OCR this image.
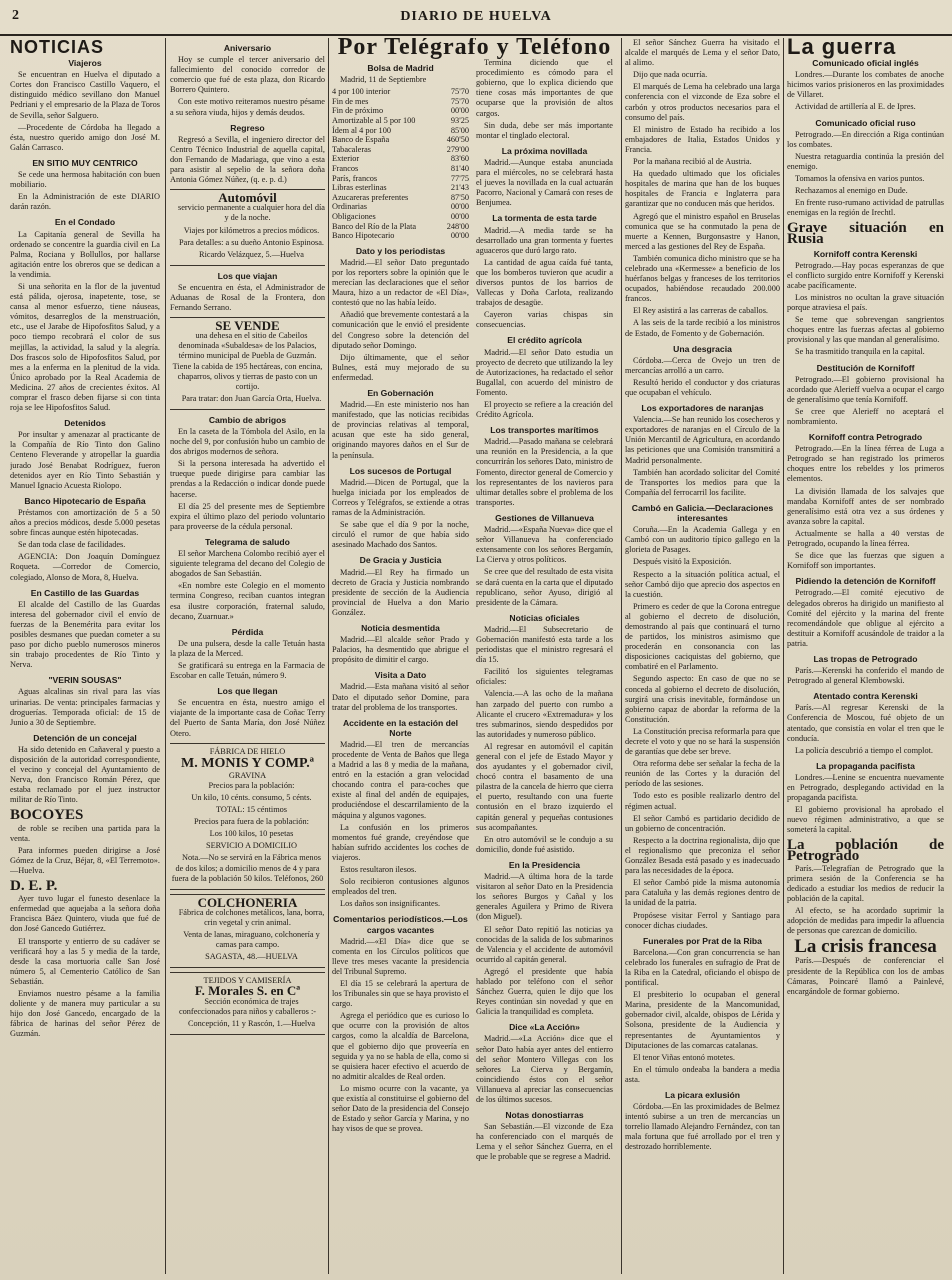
2	DIARIO DE HUELVA
NOTICIAS
Viajeros

Se encuentran en Huelva el diputado a Cortes don Francisco Castillo Vaquero, el distinguido médico sevillano don Manuel Pedriani y el empresario de la Plaza de Toros de Sevilla, señor Salguero.

—Procedente de Córdoba ha llegado a ésta, nuestro querido amigo don José M. Galán Carrasco.

EN SITIO MUY CENTRICO

Se cede una hermosa habitación con buen mobiliario.

En la Administración de este DIARIO darán razón.

En el Condado

La Capitanía general de Sevilla ha ordenado se concentre la guardia civil en La Palma, Rociana y Bollullos, por hallarse agitación entre los obreros que se dedican a la vendimia.

Si una señorita en la flor de la juventud está pálida, ojerosa, inapetente, tose, se cansa al menor esfuerzo, tiene náuseas, vómitos, desarreglos de la menstruación, etc., use el Jarabe de Hipofosfitos Salud, y a poco tiempo recobrará el color de sus mejillas, la actividad, la salud y la alegría. Dos frascos solo de Hipofosfitos Salud, por mes a la enferma en la plenitud de la vida. Único aprobado por la Real Academia de Medicina. 27 años de crecientes éxitos. Al comprar el frasco deben fijarse si con tinta roja se lee Hipofosfitos Salud.

Detenidos

Por insultar y amenazar al practicante de la Compañía de Río Tinto don Galino Centeno Fleverande y atropellar la guardia jurado José Benabat Rodríguez, fueron detenidos ayer en Río Tinto Sebastián y Manuel Ignacio Acuesta Riolopo.

Banco Hipotecario de España

Préstamos con amortización de 5 a 50 años a precios módicos, desde 5.000 pesetas sobre fincas aunque estén hipotecadas.

Se dan toda clase de facilidades.

AGENCIA: Don Joaquín Domínguez Roqueta. —Corredor de Comercio, colegiado, Alonso de Mora, 8, Huelva.

En Castillo de las Guardas

El alcalde del Castillo de las Guardas interesa del gobernador civil el envío de fuerzas de la Benemérita para evitar los posibles desmanes que puedan cometer a su paso por dicho pueblo numerosos mineros sin trabajo procedentes de Río Tinto y Nerva.

"VERIN SOUSAS"

Aguas alcalinas sin rival para las vías urinarias. De venta: principales farmacias y droguerías. Temporada oficial: de 15 de Junio a 30 de Septiembre.

Detención de un concejal

Ha sido detenido en Cañaveral y puesto a disposición de la autoridad correspondiente, el vecino y concejal del Ayuntamiento de Nerva, don Francisco Román Pérez, que estaba reclamado por el juez instructor militar de Río Tinto.

BOCOYES

de roble se reciben una partida para la venta.

Para informes pueden dirigirse a José Gómez de la Cruz, Béjar, 8, «El Terremoto».—Huelva.

D. E. P.

Ayer tuvo lugar el funesto desenlace la enfermedad que aquejaba a la señora doña Francisca Báez Quintero, viuda que fué de don José Gancedo Gutiérrez.

El transporte y entierro de su cadáver se verificará hoy a las 5 y media de la tarde, desde la casa mortuoria calle San José número 5, al Cementerio Católico de San Sebastián.

Enviamos nuestro pésame a la familia doliente y de manera muy particular a su hijo don José Gancedo, encargado de la fábrica de harinas del señor Pérez de Guzmán.

Aniversario

Hoy se cumple el tercer aniversario del fallecimiento del conocido corredor de comercio que fué de esta plaza, don Ricardo Borrero Quintero.

Con este motivo reiteramos nuestro pésame a su señora viuda, hijos y demás deudos.

Regreso

Regresó a Sevilla, el ingeniero director del Centro Técnico Industrial de aquella capital, don Fernando de Madariaga, que vino a esta para asistir al sepelio de la señora doña Antonia Gómez Núñez, (q. e. p. d.)

Automóvil

servicio permanente a cualquier hora del día y de la noche.

Viajes por kilómetros a precios módicos.

Para detalles: a su dueño Antonio Espinosa.

Ricardo Velázquez, 5.—Huelva

Los que viajan

Se encuentra en ésta, el Administrador de Aduanas de Rosal de la Frontera, don Fernando Serrano.

SE VENDE

una dehesa en el sitio de Cabeilos denominada «Subaldesa» de los Palacios, término municipal de Puebla de Guzmán. Tiene la cabida de 195 hectáreas, con encina, chaparros, olivos y tierras de pasto con un cortijo.

Para tratar: don Juan García Orta, Huelva.

Cambio de abrigos

En la caseta de la Tómbola del Asilo, en la noche del 9, por confusión hubo un cambio de dos abrigos modernos de señora.

Si la persona interesada ha advertido el trueque puede dirigirse para cambiar las prendas a la Redacción o indicar donde puede hacerse.

El día 25 del presente mes de Septiembre expira el último plazo del periodo voluntario para proveerse de la cédula personal.

Telegrama de saludo

El señor Marchena Colombo recibió ayer el siguiente telegrama del decano del Colegio de abogados de San Sebastián.

«En nombre este Colegio en el momento termina Congreso, reciban cuantos integran esa ilustre corporación, fraternal saludo, decano, Zuarnuar.»

Pérdida

De una pulsera, desde la calle Tetuán hasta la plaza de la Merced.

Se gratificará su entrega en la Farmacia de Escobar en calle Tetuán, número 9.

Los que llegan

Se encuentra en ésta, nuestro amigo el viajante de la importante casa de Coñac Terry del Puerto de Santa María, don José Núñez Otero.

FÁBRICA DE HIELO
M. MONIS Y COMP.ª
GRAVINA

Precios para la población:

Un kilo, 10 cénts. consumo, 5 cénts.

TOTAL: 15 céntimos

Precios para fuera de la población:

Los 100 kilos, 10 pesetas

SERVICIO A DOMICILIO

Nota.—No se servirá en la Fábrica menos de dos kilos; a domicilio menos de 4 y para fuera de la población 50 kilos. Teléfonos, 260

COLCHONERIA

Fábrica de colchones metálicos, lana, borra, crin vegetal y crin animal.

Venta de lanas, miraguano, colchonería y camas para campo.

SAGASTA, 48.—HUELVA

TEJIDOS Y CAMISERÍA
F. Morales S. en Cª

Sección económica de trajes confeccionados para niños y caballeros :-

Concepción, 11 y Rascón, 1.—Huelva

Por Telégrafo y Teléfono
Bolsa de Madrid

Madrid, 11 de Septiembre

4 por 100 interior	75'70
Fin de mes	75'70
Fin de próximo	00'00
Amortizable al 5 por 100	93'25
Ídem al 4 por 100	85'00
Banco de España	460'50
Tabacaleras	279'00
Exterior	83'60
Francos	81'40
París, francos	77'75
Libras esterlinas	21'43
Azucareras preferentes	87'50
Ordinarias	00'00
Obligaciones	00'00
Banco del Río de la Plata	248'00
Banco Hipotecario	00'00
Dato y los periodistas

Madrid.—El señor Dato preguntado por los reporters sobre la opinión que le merecían las declaraciones que el señor Maura, hizo a un redactor de «El Día», contestó que no las había leído.

Añadió que brevemente contestará a la comunicación que le envió el presidente del Congreso sobre la detención del diputado señor Domingo.

Dijo últimamente, que el señor Bulnes, está muy mejorado de su enfermedad.

En Gobernación

Madrid.—En este ministerio nos han manifestado, que las noticias recibidas de provincias relativas al temporal, acusan que este ha sido general, originando mayores daños en el Sur de la península.

Los sucesos de Portugal

Madrid.—Dicen de Portugal, que la huelga iniciada por los empleados de Correos y Telégrafos, se extiende a otras ramas de la Administración.

Se sabe que el día 9 por la noche, circuló el rumor de que había sido asesinado Machado dos Santos.

De Gracia y Justicia

Madrid.—El Rey ha firmado un decreto de Gracia y Justicia nombrando presidente de sección de la Audiencia provincial de Huelva a don Mario González.

Noticia desmentida

Madrid.—El alcalde señor Prado y Palacios, ha desmentido que abrigue el propósito de dimitir el cargo.

Visita a Dato

Madrid.—Esta mañana visitó al señor Dato el diputado señor Domine, para tratar del problema de los transportes.

Accidente en la estación del Norte

Madrid.—El tren de mercancías procedente de Venta de Baños que llega a Madrid a las 8 y media de la mañana, entró en la estación a gran velocidad chocando contra el para-coches que existe al final del andén de equipajes, produciéndose el descarrilamiento de la máquina y algunos vagones.

La confusión en los primeros momentos fué grande, creyéndose que habían sufrido accidentes los coches de viajeros.

Estos resultaron ilesos.

Solo recibieron contusiones algunos empleados del tren.

Los daños son insignificantes.

Comentarios periodísticos.—Los cargos vacantes

Madrid.—«El Día» dice que se comenta en los Círculos políticos que lleve tres meses vacante la presidencia del Tribunal Supremo.

El día 15 se celebrará la apertura de los Tribunales sin que se haya provisto el cargo.

Agrega el periódico que es curioso lo que ocurre con la provisión de altos cargos, como la alcaldía de Barcelona, que el gobierno dijo que proveería en seguida y ya no se habla de ella, como si se quisiera hacer efectivo el acuerdo de no admitir alcaldes de Real orden.

Lo mismo ocurre con la vacante, ya que existía al constituirse el gobierno del señor Dato de la presidencia del Consejo de Estado y señor García y Marina, y no hay visos de que se provea.

Termina diciendo que el procedimiento es cómodo para el gobierno, que lo explica diciendo que tiene cosas más importantes de que ocuparse que la provisión de altos cargos.

Sin duda, debe ser más importante montar el tinglado electoral.

La próxima novillada

Madrid.—Aunque estaba anunciada para el miércoles, no se celebrará hasta el jueves la novillada en la cual actuarán Pacorro, Nacional y Camará con reses de Benjumea.

La tormenta de esta tarde

Madrid.—A media tarde se ha desarrollado una gran tormenta y fuertes aguaceros que duró largo rato.

La cantidad de agua caída fué tanta, que los bomberos tuvieron que acudir a diversos puntos de los barrios de Vallecas y Doña Carlota, realizando trabajos de desagüe.

Cayeron varias chispas sin consecuencias.

El crédito agrícola

Madrid.—El señor Dato estudia un proyecto de decreto que utilizando la ley de Autorizaciones, ha redactado el señor Bugallal, con acuerdo del ministro de Fomento.

El proyecto se refiere a la creación del Crédito Agrícola.

Los transportes marítimos

Madrid.—Pasado mañana se celebrará una reunión en la Presidencia, a la que concurrirán los señores Dato, ministro de Fomento, director general de Comercio y los representantes de los navieros para ultimar detalles sobre el problema de los transportes.

Gestiones de Villanueva

Madrid.—«España Nueva» dice que el señor Villanueva ha conferenciado extensamente con los señores Bergamín, La Cierva y otros políticos.

Se cree que del resultado de esta visita se dará cuenta en la carta que el diputado republicano, señor Ayuso, dirigió al presidente de la Cámara.

Noticias oficiales

Madrid.—El Subsecretario de Gobernación manifestó esta tarde a los periodistas que el ministro regresará el día 15.

Facilitó los siguientes telegramas oficiales:

Valencia.—A las ocho de la mañana han zarpado del puerto con rumbo a Alicante el crucero «Extremadura» y los tres submarinos, siendo despedidos por las autoridades y numeroso público.

Al regresar en automóvil el capitán general con el jefe de Estado Mayor y dos ayudantes y el gobernador civil, chocó contra el basamento de una pilastra de la cancela de hierro que cierra el puerto, resultando con una fuerte contusión en el brazo izquierdo el capitán general y pequeñas contusiones sus acompañantes.

En otro automóvil se le condujo a su domicilio, donde fué asistido.

En la Presidencia

Madrid.—A última hora de la tarde visitaron al señor Dato en la Presidencia los señores Burgos y Cañal y los generales Aguilera y Primo de Rivera (don Miguel).

El señor Dato repitió las noticias ya conocidas de la salida de los submarinos de Valencia y el accidente de automóvil ocurrido al capitán general.

Agregó el presidente que había hablado por teléfono con el señor Sánchez Guerra, quien le dijo que los Reyes continúan sin novedad y que en Galicia la tranquilidad es completa.

Dice «La Acción»

Madrid.—«La Acción» dice que el señor Dato había ayer antes del entierro del señor Montero Villegas con los señores La Cierva y Bergamín, coincidiendo éstos con el señor Villanueva al apreciar las consecuencias de los últimos sucesos.

Notas donostiarras

San Sebastián.—El vizconde de Eza ha conferenciado con el marqués de Lema y el señor Sánchez Guerra, en el que le probable que se regrese a Madrid.

El señor Sánchez Guerra ha visitado el alcalde el marqués de Lema y el señor Dato, al alimo.

Dijo que nada ocurría.

El marqués de Lema ha celebrado una larga conferencia con el vizconde de Eza sobre el carbón y otros productos necesarios para el consumo del país.

El ministro de Estado ha recibido a los embajadores de Italia, Estados Unidos y Francia.

Por la mañana recibió al de Austria.

Ha quedado ultimado que los oficiales hospitales de marina que han de los buques hospitales de Francia e Inglaterra para garantizar que no conducen más que heridos.

Agregó que el ministro español en Bruselas comunica que se ha conmutado la pena de muerte a Kennen, Burgonsastre y Hanon, merced a las gestiones del Rey de España.

También comunica dicho ministro que se ha celebrado una «Kermesse» a beneficio de los huérfanos belgas y franceses de los territorios ocupados, habiéndose recaudado 200.000 francos.

El Rey asistirá a las carreras de caballos.

A las seis de la tarde recibió a los ministros de Estado, de Fomento y de Gobernación.

Una desgracia

Córdoba.—Cerca de Ovejo un tren de mercancías arrolló a un carro.

Resultó herido el conductor y dos criaturas que ocupaban el vehículo.

Los exportadores de naranjas

Valencia.—Se han reunido los cosecheros y exportadores de naranjas en el Círculo de la Unión Mercantil de Agricultura, en acordando las peticiones que una Comisión transmitirá a Madrid personalmente.

También han acordado solicitar del Comité de Transportes los medios para que la Compañía del ferrocarril los facilite.

Cambó en Galicia.—Declaraciones interesantes

Coruña.—En la Academia Gallega y en Cambó con un auditorio típico gallego en la glorieta de Pasages.

Después visitó la Exposición.

Respecto a la situación política actual, el señor Cambó dijo que aprecio dos aspectos en la cuestión.

Primero es ceder de que la Corona entregue al gobierno el decreto de disolución, demostrando al país que continuará el turno de partidos, los ministros asimismo que procederán en consonancia con las disposiciones caciquistas del gobierno, que combatiré en el Parlamento.

Segundo aspecto: En caso de que no se conceda al gobierno el decreto de disolución, surgirá una crisis inevitable, formándose un gobierno capaz de abordar la reforma de la Constitución.

La Constitución precisa reformarla para que decrete el voto y que no se hará la suspensión de garantías que debe ser breve.

Otra reforma debe ser señalar la fecha de la reunión de las Cortes y la duración del período de las sesiones.

Todo esto es posible realizarlo dentro del régimen actual.

El señor Cambó es partidario decidido de un gobierno de concentración.

Respecto a la doctrina regionalista, dijo que el regionalismo que preconiza el señor González Besada está pasado y es inadecuado para las necesidades de la época.

El señor Cambó pide la misma autonomía para Cataluña y las demás regiones dentro de la unidad de la patria.

Propósese visitar Ferrol y Santiago para conocer dichas ciudades.

Funerales por Prat de la Riba

Barcelona.—Con gran concurrencia se han celebrado los funerales en sufragio de Prat de la Riba en la Catedral, oficiando el obispo de pontifical.

El presbiterio lo ocupaban el general Marina, presidente de la Mancomunidad, gobernador civil, alcalde, obispos de Lérida y Solsona, presidente de la Audiencia y representantes de Ayuntamientos y Diputaciones de las comarcas catalanas.

El tenor Viñas entonó motetes.

En el túmulo ondeaba la bandera a media asta.

La picara exlusión

Córdoba.—En las proximidades de Belmez intentó subirse a un tren de mercancías un torrelio llamado Alejandro Fernández, con tan mala fortuna que fué arrollado por el tren y destrozado horriblemente.

La guerra
Comunicado oficial inglés

Londres.—Durante los combates de anoche hicimos varios prisioneros en las proximidades de Villaret.

Actividad de artillería al E. de Ipres.

Comunicado oficial ruso

Petrogrado.—En dirección a Riga continúan los combates.

Nuestra retaguardia continúa la presión del enemigo.

Tomamos la ofensiva en varios puntos.

Rechazamos al enemigo en Dude.

En frente ruso-rumano actividad de patrullas enemigas en la región de Irechtl.

Grave situación en Rusia
Kornifoff contra Kerenski

Petrogrado.—Hay pocas esperanzas de que el conflicto surgido entre Kornifoff y Kerenski acabe pacíficamente.

Los ministros no ocultan la grave situación porque atraviesa el país.

Se teme que sobrevengan sangrientos choques entre las fuerzas afectas al gobierno provisional y las que mandan al generalísimo.

Se ha trasmitido tranquila en la capital.

Destitución de Kornifoff

Petrogrado.—El gobierno provisional ha acordado que Alerieff vuelva a ocupar el cargo de generalísimo que tenía Kornifoff.

Se cree que Alerieff no aceptará el nombramiento.

Kornifoff contra Petrogrado

Petrogrado.—En la línea férrea de Luga a Petrogrado se han registrado los primeros choques entre los rebeldes y los primeros elementos.

La división llamada de los salvajes que mandaba Kornifoff antes de ser nombrado generalísimo está otra vez a sus órdenes y avanza sobre la capital.

Actualmente se halla a 40 verstas de Petrogrado, ocupando la línea férrea.

Se dice que las fuerzas que siguen a Kornifoff son importantes.

Pidiendo la detención de Kornifoff

Petrogrado.—El comité ejecutivo de delegados obreros ha dirigido un manifiesto al Comité del ejército y la marina del frente recomendándole que obligue al ejército a destituir a Kornifoff acusándole de traidor a la patria.

Las tropas de Petrogrado

París.—Kerenski ha conferido el mando de Petrogrado al general Klembowski.

Atentado contra Kerenski

París.—Al regresar Kerenski de la Conferencia de Moscou, fué objeto de un atentado, que consistía en volar el tren que le conducía.

La policía descubrió a tiempo el complot.

La propaganda pacifista

Londres.—Lenine se encuentra nuevamente en Petrogrado, desplegando actividad en la propaganda pacifista.

El gobierno provisional ha aprobado el nuevo régimen administrativo, a que se someterá la capital.

La población de Petrogrado

París.—Telegrafían de Petrogrado que la primera sesión de la Conferencia se ha dedicado a estudiar los medios de reducir la población de la capital.

Al efecto, se ha acordado suprimir la adopción de medidas para impedir la afluencia de personas que carezcan de domicilio.

La crisis francesa

París.—Después de conferenciar el presidente de la República con los de ambas Cámaras, Poincaré llamó a Painlevé, encargándole de formar gobierno.
